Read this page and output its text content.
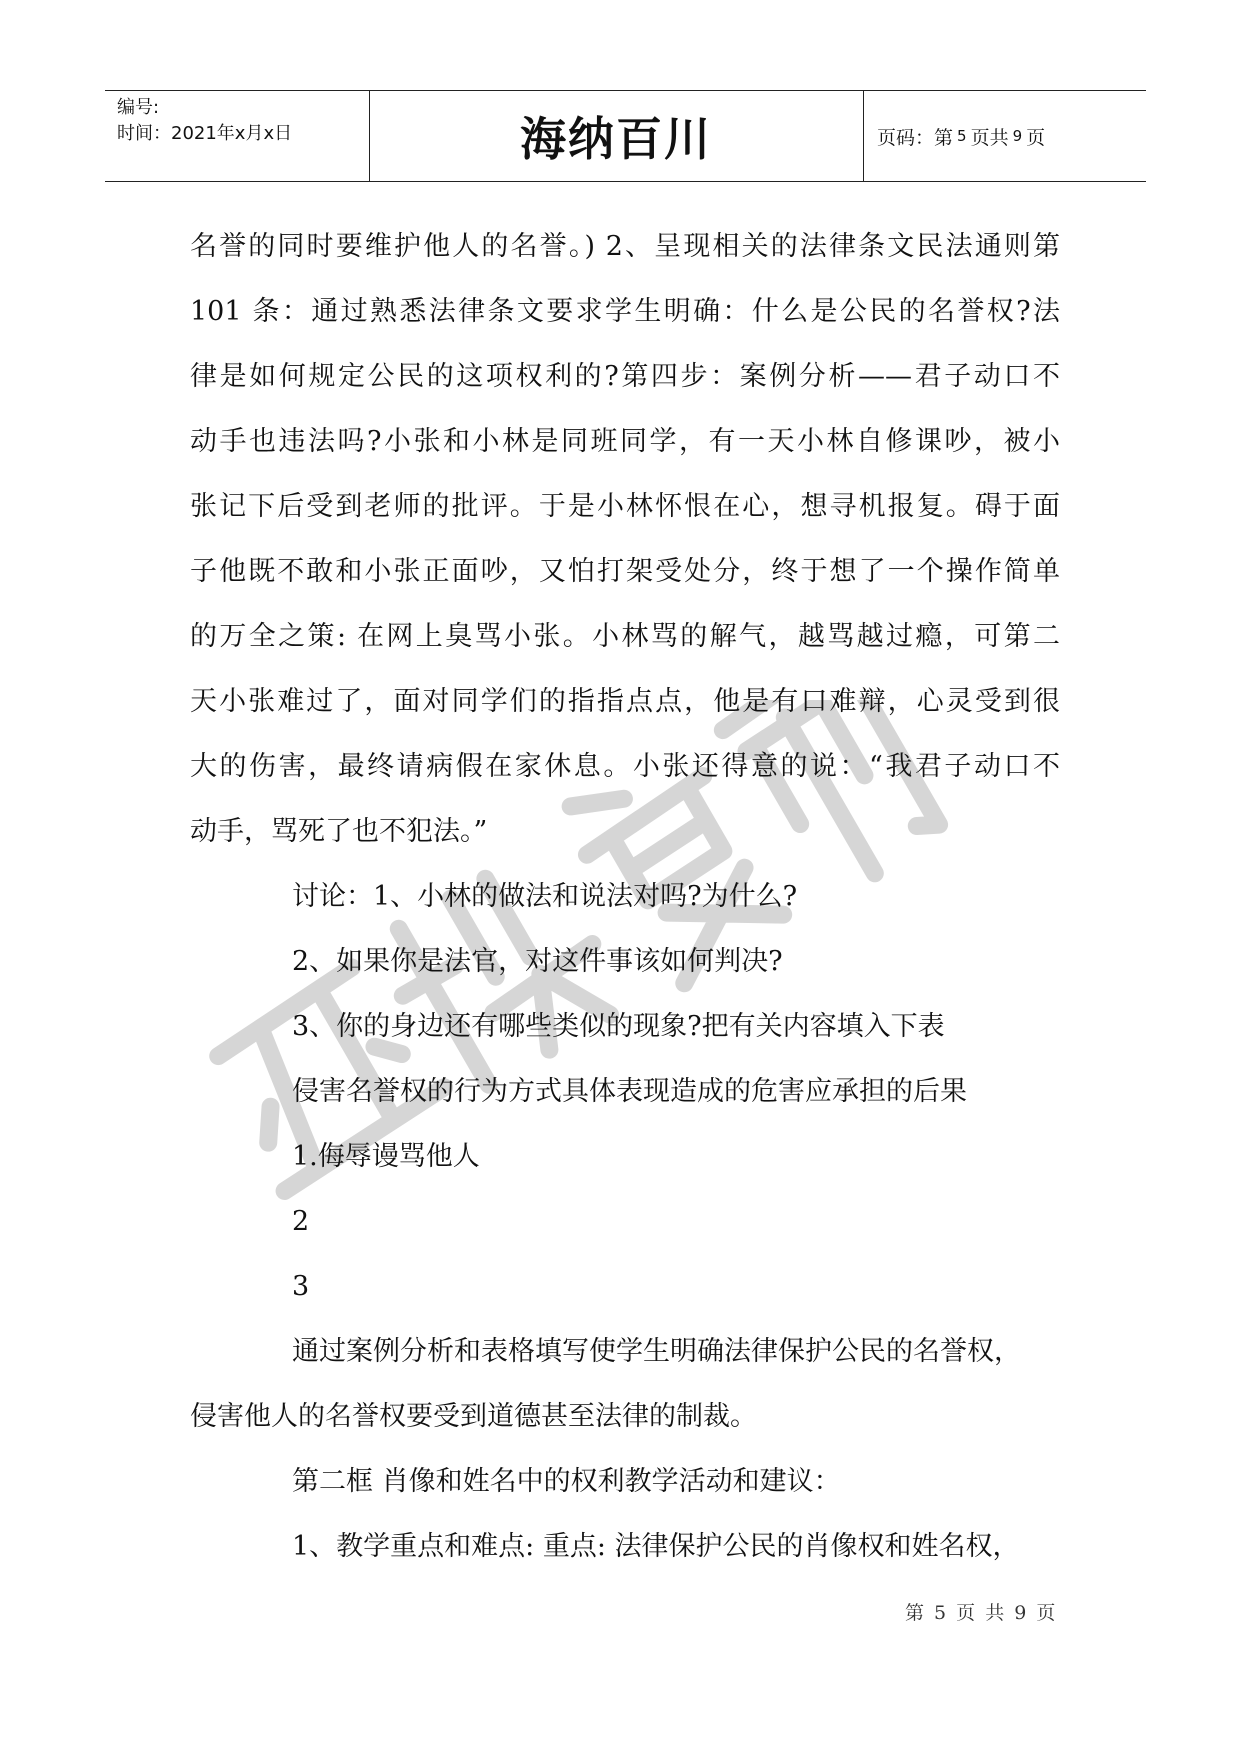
编号:
时间：2021年x月x日	海纳百川	页码：第 5 页共 9 页
名誉的同时要维护他人的名誉。) 2、呈现相关的法律条文民法通则第
101 条：通过熟悉法律条文要求学生明确：什么是公民的名誉权?法
律是如何规定公民的这项权利的?第四步：案例分析——君子动口不
动手也违法吗?小张和小林是同班同学，有一天小林自修课吵，被小
张记下后受到老师的批评。于是小林怀恨在心，想寻机报复。碍于面
子他既不敢和小张正面吵，又怕打架受处分，终于想了一个操作简单
的万全之策: 在网上臭骂小张。小林骂的解气，越骂越过瘾，可第二
天小张难过了，面对同学们的指指点点，他是有口难辩，心灵受到很
大的伤害，最终请病假在家休息。小张还得意的说：“我君子动口不
动手，骂死了也不犯法。”
讨论：1、小林的做法和说法对吗?为什么?
2、如果你是法官，对这件事该如何判决?
3、你的身边还有哪些类似的现象?把有关内容填入下表
侵害名誉权的行为方式具体表现造成的危害应承担的后果
1.侮辱谩骂他人
2
3
通过案例分析和表格填写使学生明确法律保护公民的名誉权，
侵害他人的名誉权要受到道德甚至法律的制裁。
第二框 肖像和姓名中的权利教学活动和建议：
1、教学重点和难点: 重点: 法律保护公民的肖像权和姓名权，
第 5 页 共 9 页
